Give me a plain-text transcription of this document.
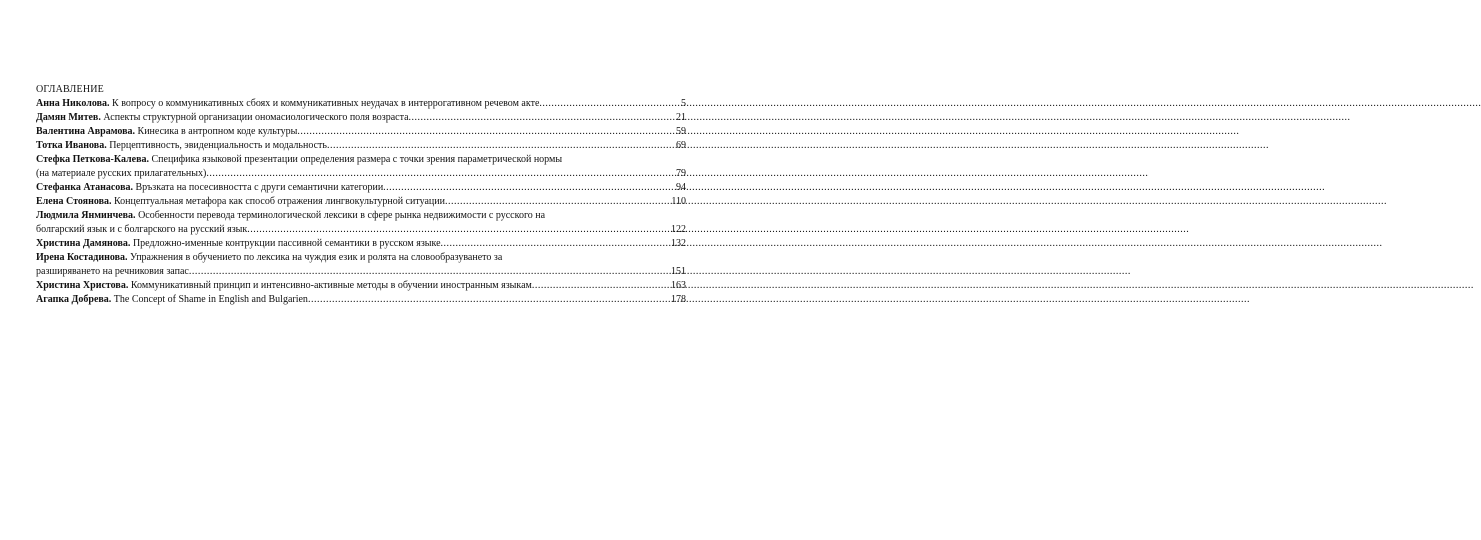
ОГЛАВЛЕНИЕ
Анна Николова. К вопросу о коммуникативных сбоях и коммуникативных неудачах в интеррогативном речевом акте .....	5
Дамян Митев. Аспекты структурной организации ономасиологического поля возраста .....	21
Валентина Аврамова. Кинесика в антропном коде культуры .....	59
Тотка Иванова. Перцептивность, эвиденциальность и модальность .....	69
Стефка Петкова-Калева. Специфика языковой презентации определения размера с точки зрения параметрической нормы
(на материале русских прилагательных) .....	79
Стефанка Атанасова. Връзката на посесивността с други семантични категории .....	94
Елена Стоянова. Концептуальная метафора как способ отражения лингвокультурной ситуации .....	110
Людмила Янминчева. Особенности перевода терминологической лексики в сфере рынка недвижимости с русского на
болгарский язык и с болгарского на русский язык .....	122
Христина Дамянова. Предложно-именные контрукции пассивной семантики в русском языке .....	132
Ирена Костадинова. Упражнения в обучението по лексика на чуждия език и ролята на словообразуването за
разширяването на речниковия запас .....	151
Христина Христова. Коммуникативный принцип и интенсивно-активные методы в обучении иностранным языкам .....	163
Агапка Добрева. The Concept of Shame in English and Bulgarien .....	178
